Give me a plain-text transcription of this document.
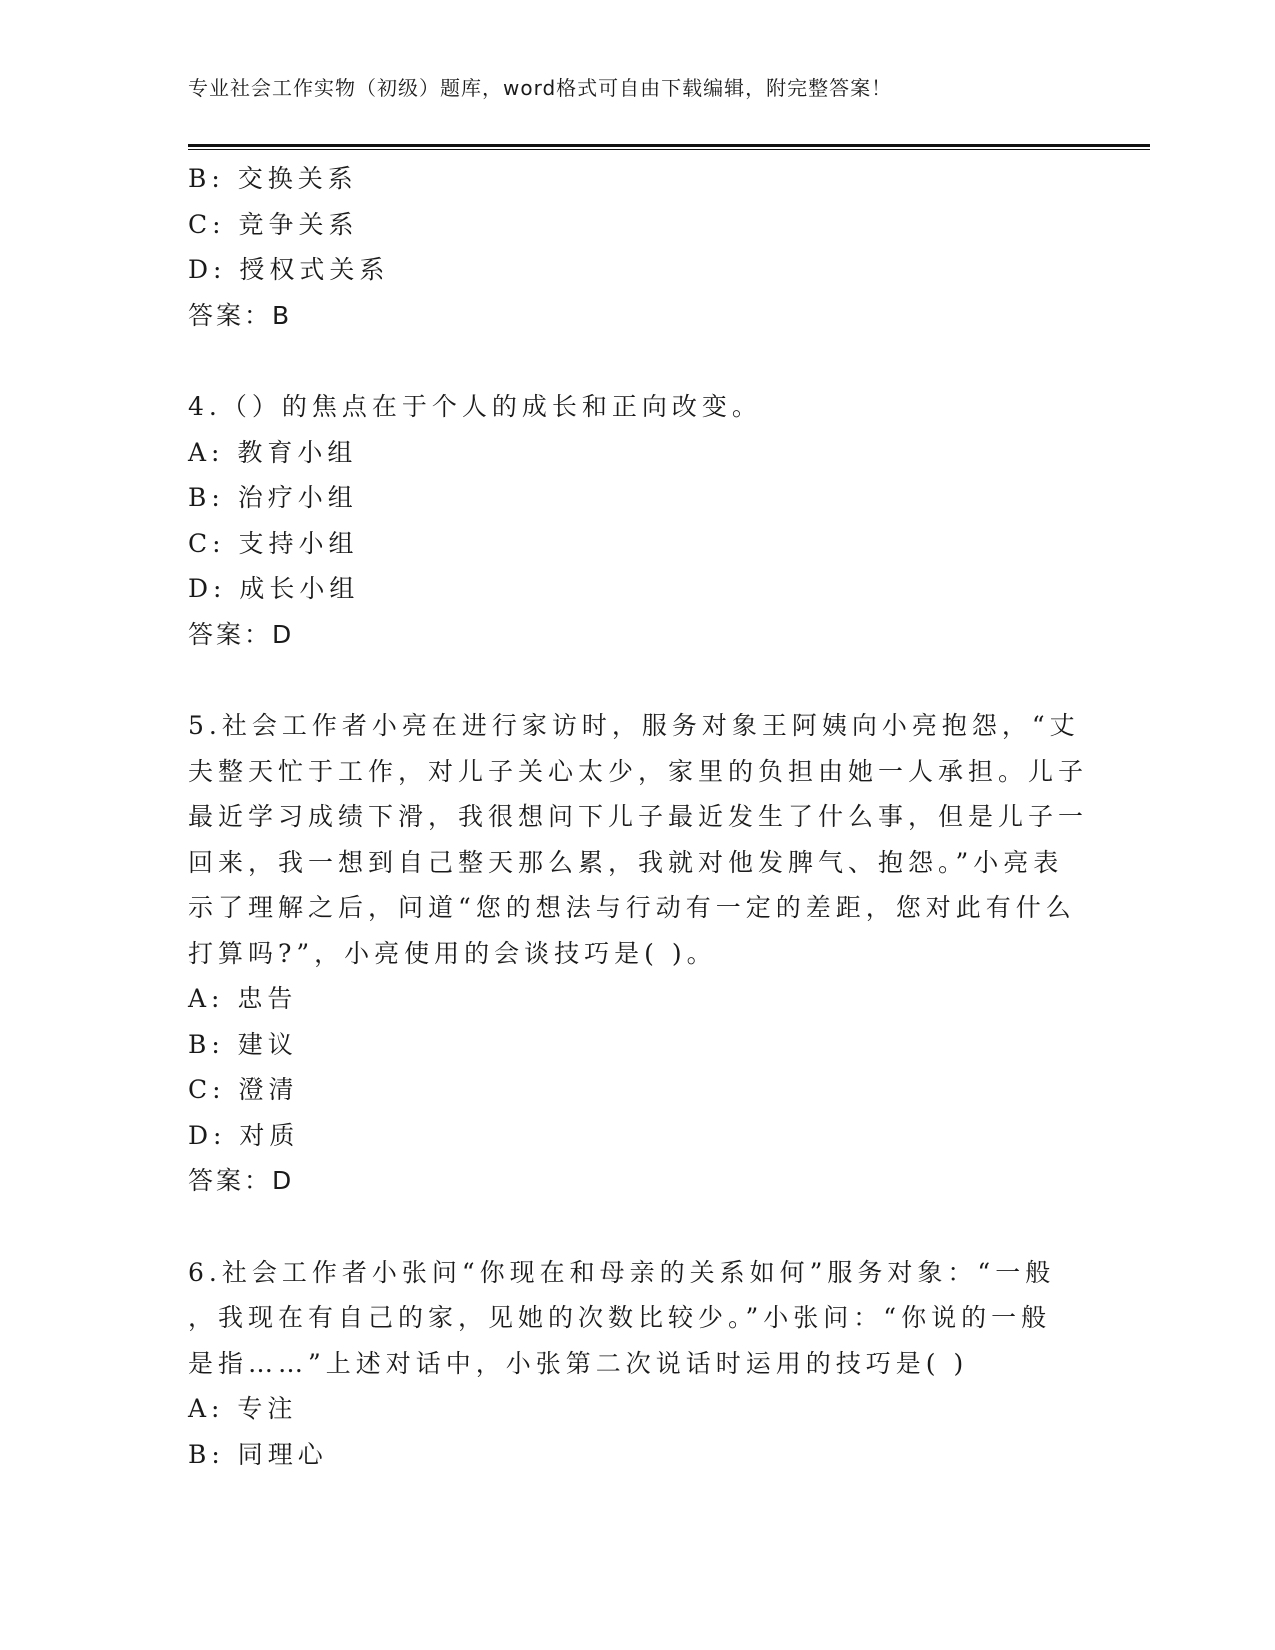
专业社会工作实物（初级）题库，word格式可自由下载编辑，附完整答案！
B: 交换关系
C: 竞争关系
D: 授权式关系
答案：B
4.（）的焦点在于个人的成长和正向改变。
A: 教育小组
B: 治疗小组
C: 支持小组
D: 成长小组
答案：D
5.社会工作者小亮在进行家访时，服务对象王阿姨向小亮抱怨，“丈
夫整天忙于工作，对儿子关心太少，家里的负担由她一人承担。儿子
最近学习成绩下滑，我很想问下儿子最近发生了什么事，但是儿子一
回来，我一想到自己整天那么累，我就对他发脾气、抱怨。”小亮表
示了理解之后，问道“您的想法与行动有一定的差距，您对此有什么
打算吗?”，小亮使用的会谈技巧是( )。
A: 忠告
B: 建议
C: 澄清
D: 对质
答案：D
6.社会工作者小张问“你现在和母亲的关系如何”服务对象：“一般
，我现在有自己的家，见她的次数比较少。”小张问：“你说的一般
是指……”上述对话中，小张第二次说话时运用的技巧是( )
A: 专注
B: 同理心
